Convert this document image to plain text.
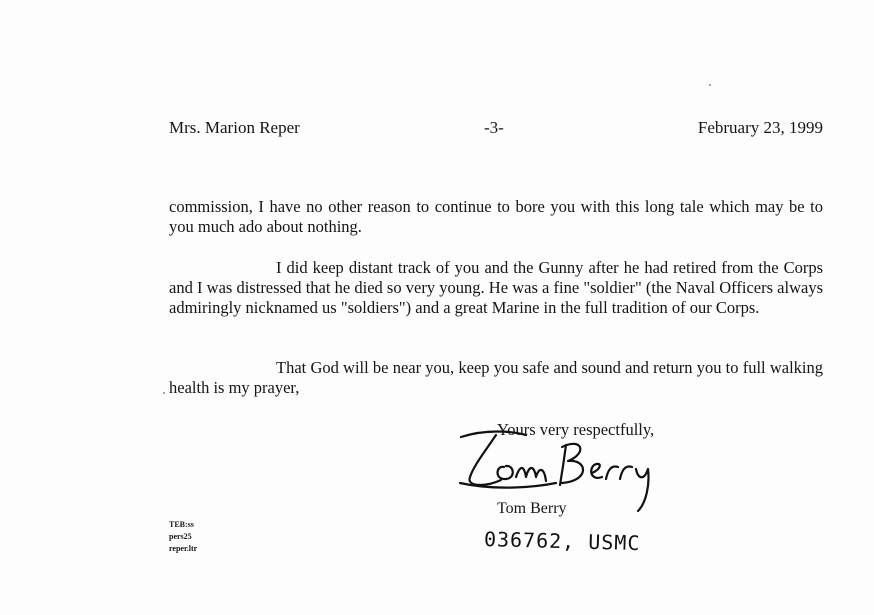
Mrs. Marion Reper	-3-	February 23, 1999

commission, I have no other reason to continue to bore you with this long tale which may be to you much ado about nothing.

I did keep distant track of you and the Gunny after he had retired from the Corps and I was distressed that he died so very young. He was a fine "soldier" (the Naval Officers always admiringly nicknamed us "soldiers") and a great Marine in the full tradition of our Corps.

That God will be near you, keep you safe and sound and return you to full walking health is my prayer,

Yours very respectfully,
Tom Berry
036762, USMC
TEB:ss
pers25
reper.ltr
